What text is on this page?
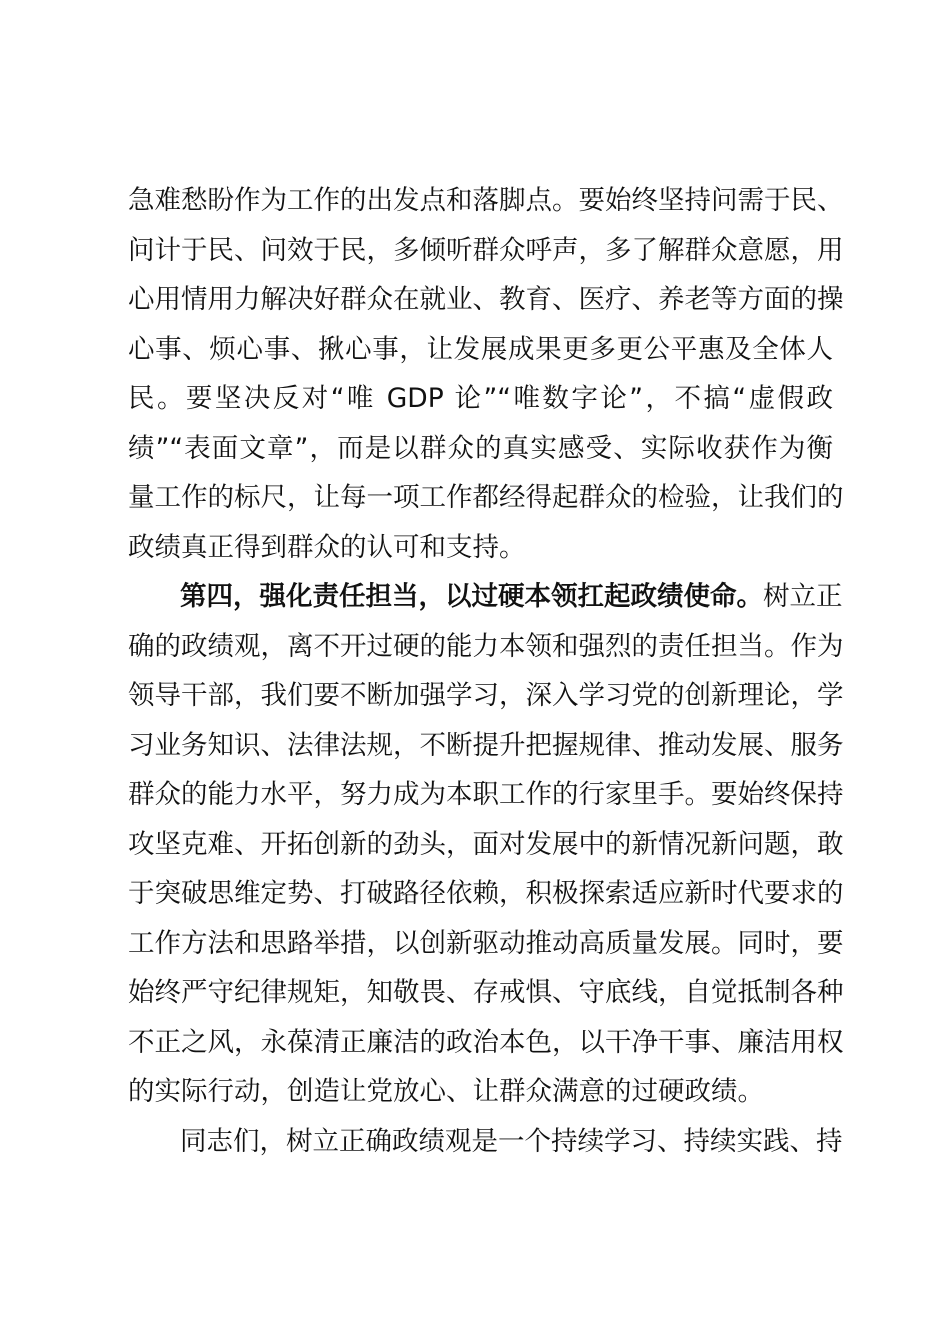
急难愁盼作为工作的出发点和落脚点。要始终坚持问需于民、
问计于民、问效于民，多倾听群众呼声，多了解群众意愿，用
心用情用力解决好群众在就业、教育、医疗、养老等方面的操
心事、烦心事、揪心事，让发展成果更多更公平惠及全体人
民。要坚决反对“唯 GDP 论”“唯数字论”，不搞“虚假政
绩”“表面文章”，而是以群众的真实感受、实际收获作为衡
量工作的标尺，让每一项工作都经得起群众的检验，让我们的
政绩真正得到群众的认可和支持。
第四，强化责任担当，以过硬本领扛起政绩使命。树立正
确的政绩观，离不开过硬的能力本领和强烈的责任担当。作为
领导干部，我们要不断加强学习，深入学习党的创新理论，学
习业务知识、法律法规，不断提升把握规律、推动发展、服务
群众的能力水平，努力成为本职工作的行家里手。要始终保持
攻坚克难、开拓创新的劲头，面对发展中的新情况新问题，敢
于突破思维定势、打破路径依赖，积极探索适应新时代要求的
工作方法和思路举措，以创新驱动推动高质量发展。同时，要
始终严守纪律规矩，知敬畏、存戒惧、守底线，自觉抵制各种
不正之风，永葆清正廉洁的政治本色，以干净干事、廉洁用权
的实际行动，创造让党放心、让群众满意的过硬政绩。
同志们，树立正确政绩观是一个持续学习、持续实践、持
